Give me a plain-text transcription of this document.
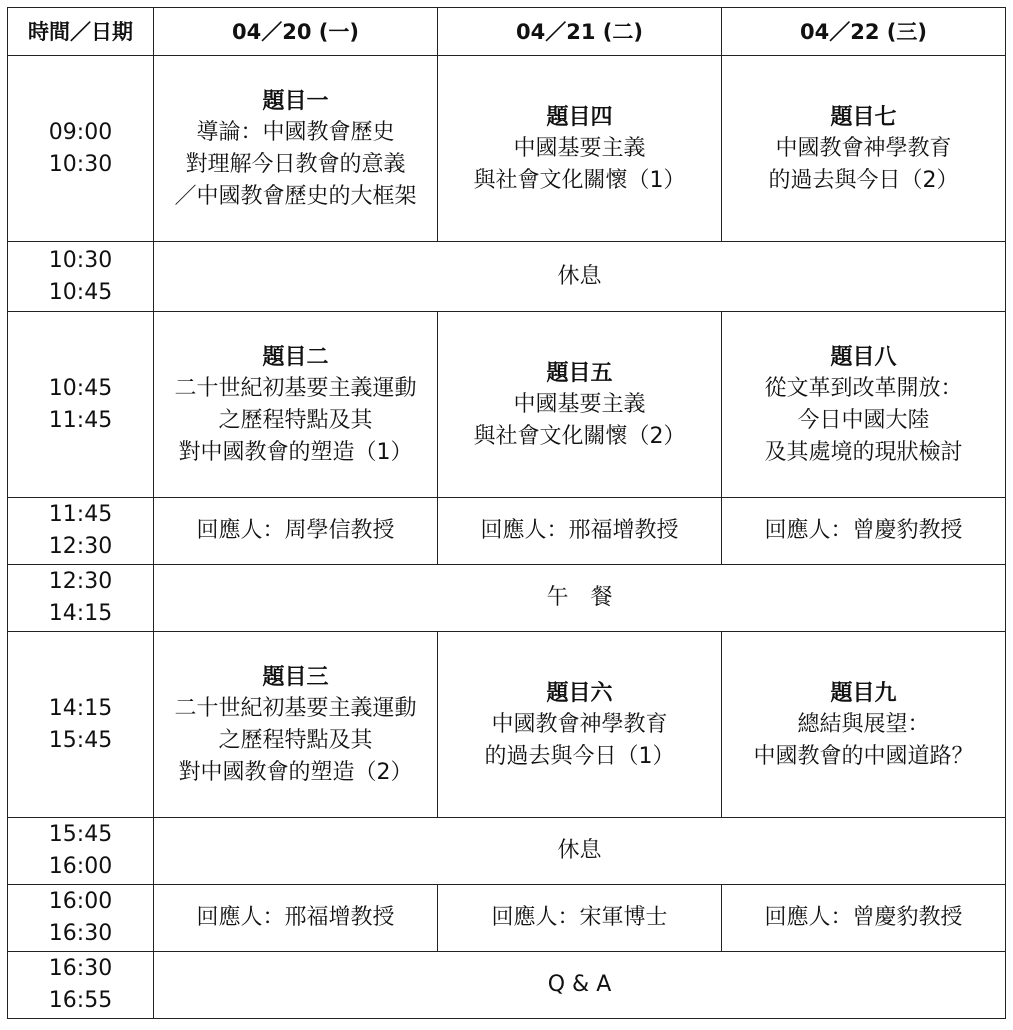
時間／日期	04／20 (一)	04／21 (二)	04／22 (三)

09:00
10:30	題目一
導論：中國教會歷史
對理解今日教會的意義
／中國教會歷史的大框架	題目四
中國基要主義
與社會文化關懷（1）	題目七
中國教會神學教育
的過去與今日（2）

10:30
10:45	休息		

10:45
11:45	題目二
二十世紀初基要主義運動
之歷程特點及其
對中國教會的塑造（1）	題目五
中國基要主義
與社會文化關懷（2）	題目八
從文革到改革開放：
今日中國大陸
及其處境的現狀檢討

11:45
12:30	回應人：周學信教授	回應人：邢福增教授	回應人：曾慶豹教授

12:30
14:15	午　餐		

14:15
15:45	題目三
二十世紀初基要主義運動
之歷程特點及其
對中國教會的塑造（2）	題目六
中國教會神學教育
的過去與今日（1）	題目九
總結與展望：
中國教會的中國道路？

15:45
16:00	休息		

16:00
16:30	回應人：邢福增教授	回應人：宋軍博士	回應人：曾慶豹教授

16:30
16:55	Q & A		
